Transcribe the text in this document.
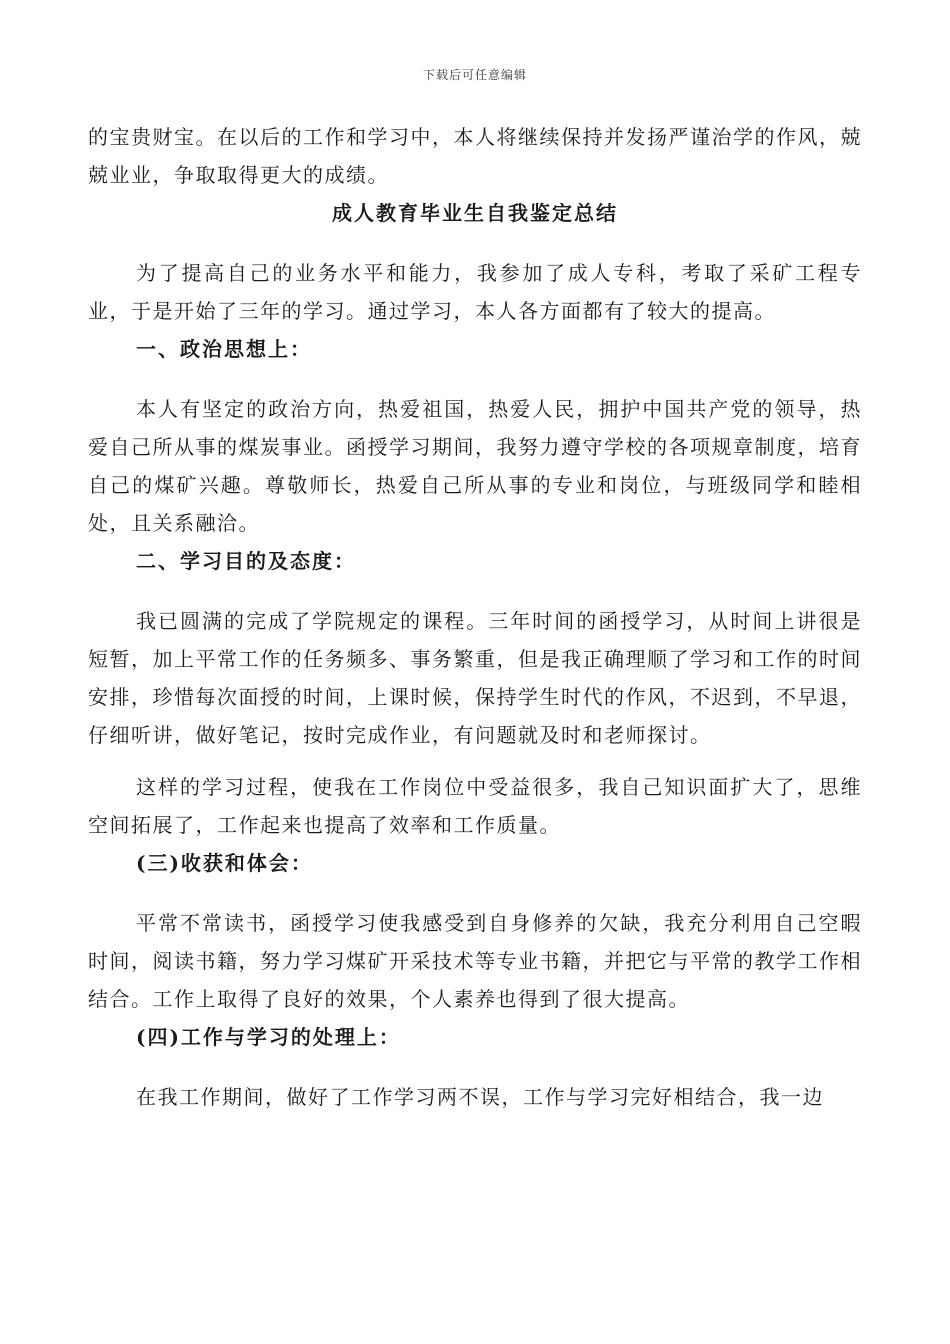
下载后可任意编辑

的宝贵财宝。在以后的工作和学习中，本人将继续保持并发扬严谨治学的作风，兢兢业业，争取取得更大的成绩。

成人教育毕业生自我鉴定总结

为了提高自己的业务水平和能力，我参加了成人专科，考取了采矿工程专业，于是开始了三年的学习。通过学习，本人各方面都有了较大的提高。

一、政治思想上：

本人有坚定的政治方向，热爱祖国，热爱人民，拥护中国共产党的领导，热爱自己所从事的煤炭事业。函授学习期间，我努力遵守学校的各项规章制度，培育自己的煤矿兴趣。尊敬师长，热爱自己所从事的专业和岗位，与班级同学和睦相处，且关系融洽。

二、学习目的及态度：

我已圆满的完成了学院规定的课程。三年时间的函授学习，从时间上讲很是短暂，加上平常工作的任务频多、事务繁重，但是我正确理顺了学习和工作的时间安排，珍惜每次面授的时间，上课时候，保持学生时代的作风，不迟到，不早退，仔细听讲，做好笔记，按时完成作业，有问题就及时和老师探讨。

这样的学习过程，使我在工作岗位中受益很多，我自己知识面扩大了，思维空间拓展了，工作起来也提高了效率和工作质量。

(三)收获和体会：

平常不常读书，函授学习使我感受到自身修养的欠缺，我充分利用自己空暇时间，阅读书籍，努力学习煤矿开采技术等专业书籍，并把它与平常的教学工作相结合。工作上取得了良好的效果，个人素养也得到了很大提高。

(四)工作与学习的处理上：

在我工作期间，做好了工作学习两不误，工作与学习完好相结合，我一边
